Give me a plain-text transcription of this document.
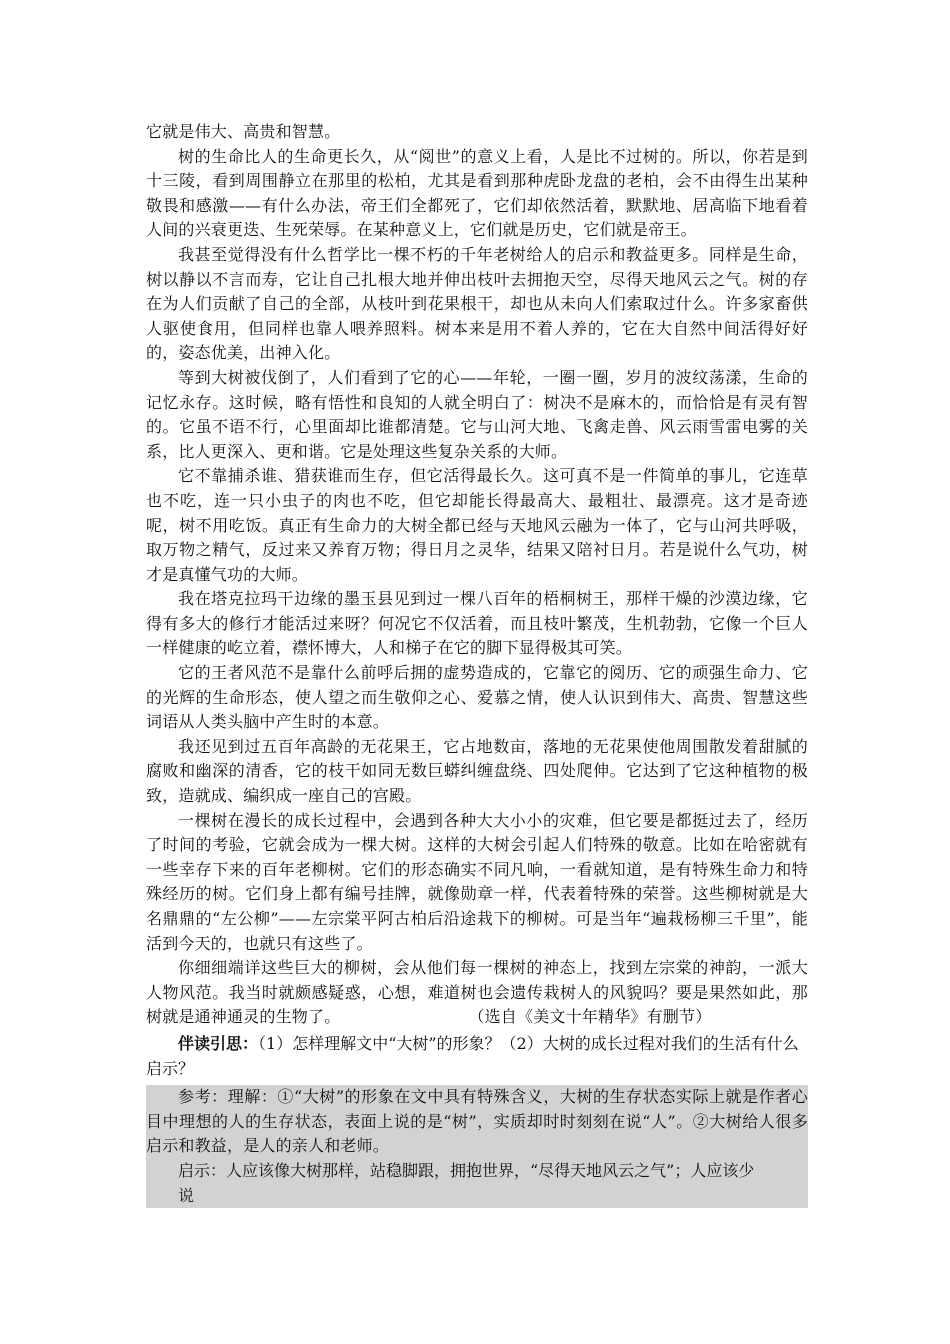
它就是伟大、高贵和智慧。

树的生命比人的生命更长久，从“阅世”的意义上看，人是比不过树的。所以，你若是到十三陵，看到周围静立在那里的松柏，尤其是看到那种虎卧龙盘的老柏，会不由得生出某种敬畏和感激——有什么办法，帝王们全都死了，它们却依然活着，默默地、居高临下地看着人间的兴衰更迭、生死荣辱。在某种意义上，它们就是历史，它们就是帝王。

我甚至觉得没有什么哲学比一棵不朽的千年老树给人的启示和教益更多。同样是生命，树以静以不言而寿，它让自己扎根大地并伸出枝叶去拥抱天空，尽得天地风云之气。树的存在为人们贡献了自己的全部，从枝叶到花果根干，却也从未向人们索取过什么。许多家畜供人驱使食用，但同样也靠人喂养照料。树本来是用不着人养的，它在大自然中间活得好好的，姿态优美，出神入化。

等到大树被伐倒了，人们看到了它的心——年轮，一圈一圈，岁月的波纹荡漾，生命的记忆永存。这时候，略有悟性和良知的人就全明白了：树决不是麻木的，而恰恰是有灵有智的。它虽不语不行，心里面却比谁都清楚。它与山河大地、飞禽走兽、风云雨雪雷电雾的关系，比人更深入、更和谐。它是处理这些复杂关系的大师。

它不靠捕杀谁、猎获谁而生存，但它活得最长久。这可真不是一件简单的事儿，它连草也不吃，连一只小虫子的肉也不吃，但它却能长得最高大、最粗壮、最漂亮。这才是奇迹呢，树不用吃饭。真正有生命力的大树全都已经与天地风云融为一体了，它与山河共呼吸，取万物之精气，反过来又养育万物；得日月之灵华，结果又陪衬日月。若是说什么气功，树才是真懂气功的大师。

我在塔克拉玛干边缘的墨玉县见到过一棵八百年的梧桐树王，那样干燥的沙漠边缘，它得有多大的修行才能活过来呀？何况它不仅活着，而且枝叶繁茂，生机勃勃，它像一个巨人一样健康的屹立着，襟怀博大，人和梯子在它的脚下显得极其可笑。

它的王者风范不是靠什么前呼后拥的虚势造成的，它靠它的阅历、它的顽强生命力、它的光辉的生命形态，使人望之而生敬仰之心、爱慕之情，使人认识到伟大、高贵、智慧这些词语从人类头脑中产生时的本意。

我还见到过五百年高龄的无花果王，它占地数亩，落地的无花果使他周围散发着甜腻的腐败和幽深的清香，它的枝干如同无数巨蟒纠缠盘绕、四处爬伸。它达到了它这种植物的极致，造就成、编织成一座自己的宫殿。

一棵树在漫长的成长过程中，会遇到各种大大小小的灾难，但它要是都挺过去了，经历了时间的考验，它就会成为一棵大树。这样的大树会引起人们特殊的敬意。比如在哈密就有一些幸存下来的百年老柳树。它们的形态确实不同凡响，一看就知道，是有特殊生命力和特殊经历的树。它们身上都有编号挂牌，就像勋章一样，代表着特殊的荣誉。这些柳树就是大名鼎鼎的“左公柳”——左宗棠平阿古柏后沿途栽下的柳树。可是当年“遍栽杨柳三千里”，能活到今天的，也就只有这些了。

你细细端详这些巨大的柳树，会从他们每一棵树的神态上，找到左宗棠的神韵，一派大人物风范。我当时就颇感疑惑，心想，难道树也会遗传栽树人的风貌吗？要是果然如此，那树就是通神通灵的生物了。	（选自《美文十年精华》有删节）

伴读引思：（1）怎样理解文中“大树”的形象？（2）大树的成长过程对我们的生活有什么启示？

参考：理解：①“大树”的形象在文中具有特殊含义，大树的生存状态实际上就是作者心目中理想的人的生存状态，表面上说的是“树”，实质却时时刻刻在说“人”。②大树给人很多启示和教益，是人的亲人和老师。

启示：人应该像大树那样，站稳脚跟，拥抱世界，“尽得天地风云之气”；人应该少
说
